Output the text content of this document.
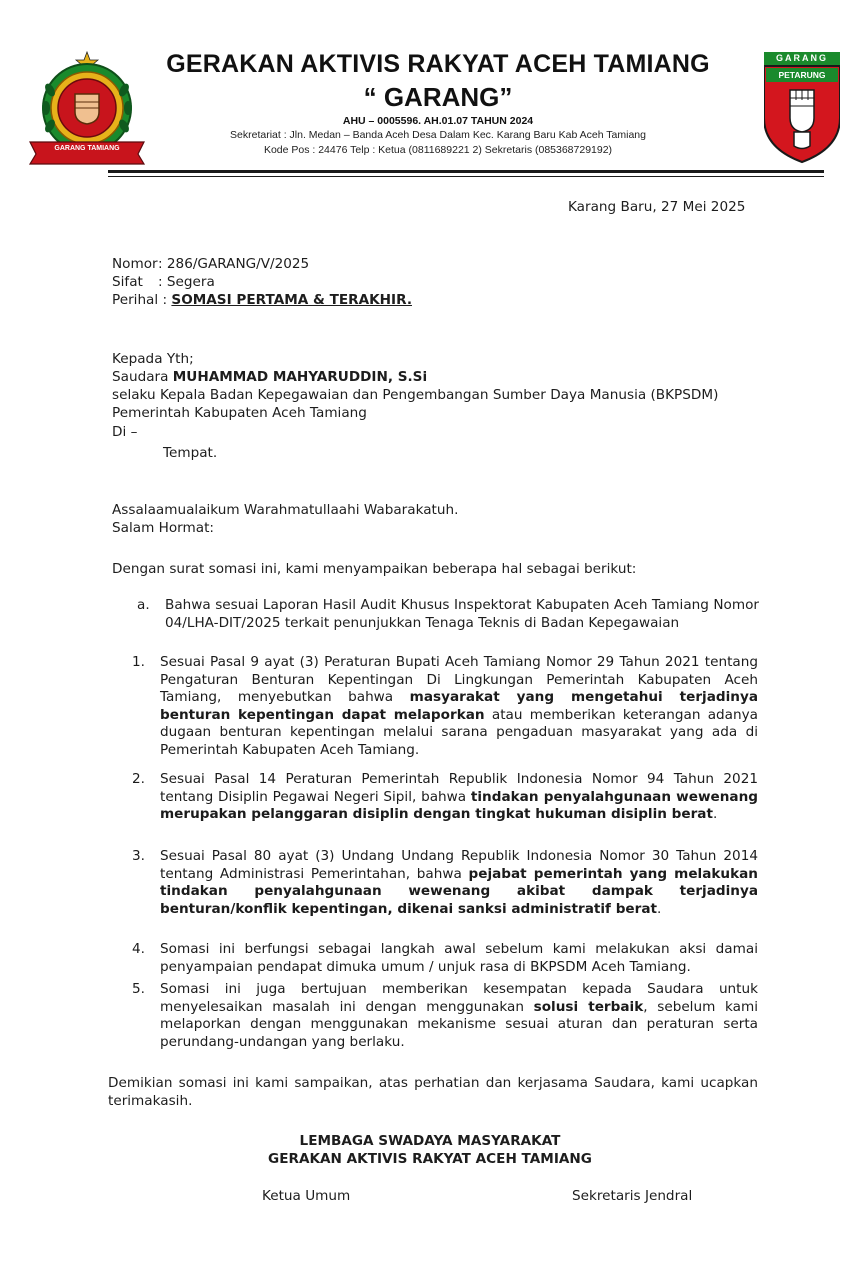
GARANG TAMIANG
GERAKAN AKTIVIS RAKYAT ACEH TAMIANG
“ GARANG”
AHU – 0005596. AH.01.07 TAHUN 2024
Sekretariat : Jln. Medan – Banda Aceh Desa Dalam Kec. Karang Baru Kab Aceh Tamiang
Kode Pos : 24476 Telp : Ketua (0811689221 2) Sekretaris (085368729192)
GARANG
PETARUNG
Karang Baru, 27 Mei 2025
Nomor: 286/GARANG/V/2025
Sifat : Segera
Perihal : SOMASI PERTAMA & TERAKHIR.
Kepada Yth;
Saudara MUHAMMAD MAHYARUDDIN, S.Si
selaku Kepala Badan Kepegawaian dan Pengembangan Sumber Daya Manusia (BKPSDM)
Pemerintah Kabupaten Aceh Tamiang
Di –
Tempat.
Assalaamualaikum Warahmatullaahi Wabarakatuh.
Salam Hormat:
Dengan surat somasi ini, kami menyampaikan beberapa hal sebagai berikut:
a. Bahwa sesuai Laporan Hasil Audit Khusus Inspektorat Kabupaten Aceh Tamiang Nomor 04/LHA-DIT/2025 terkait penunjukkan Tenaga Teknis di Badan Kepegawaian
1. Sesuai Pasal 9 ayat (3) Peraturan Bupati Aceh Tamiang Nomor 29 Tahun 2021 tentang Pengaturan Benturan Kepentingan Di Lingkungan Pemerintah Kabupaten Aceh Tamiang, menyebutkan bahwa masyarakat yang mengetahui terjadinya benturan kepentingan dapat melaporkan atau memberikan keterangan adanya dugaan benturan kepentingan melalui sarana pengaduan masyarakat yang ada di Pemerintah Kabupaten Aceh Tamiang.
2. Sesuai Pasal 14 Peraturan Pemerintah Republik Indonesia Nomor 94 Tahun 2021 tentang Disiplin Pegawai Negeri Sipil, bahwa tindakan penyalahgunaan wewenang merupakan pelanggaran disiplin dengan tingkat hukuman disiplin berat.
3. Sesuai Pasal 80 ayat (3) Undang Undang Republik Indonesia Nomor 30 Tahun 2014 tentang Administrasi Pemerintahan, bahwa pejabat pemerintah yang melakukan tindakan penyalahgunaan wewenang akibat dampak terjadinya benturan/konflik kepentingan, dikenai sanksi administratif berat.
4. Somasi ini berfungsi sebagai langkah awal sebelum kami melakukan aksi damai penyampaian pendapat dimuka umum / unjuk rasa di BKPSDM Aceh Tamiang.
5. Somasi ini juga bertujuan memberikan kesempatan kepada Saudara untuk menyelesaikan masalah ini dengan menggunakan solusi terbaik, sebelum kami melaporkan dengan menggunakan mekanisme sesuai aturan dan peraturan serta perundang-undangan yang berlaku.
Demikian somasi ini kami sampaikan, atas perhatian dan kerjasama Saudara, kami ucapkan terimakasih.
LEMBAGA SWADAYA MASYARAKAT
GERAKAN AKTIVIS RAKYAT ACEH TAMIANG
Ketua Umum	Sekretaris Jendral
